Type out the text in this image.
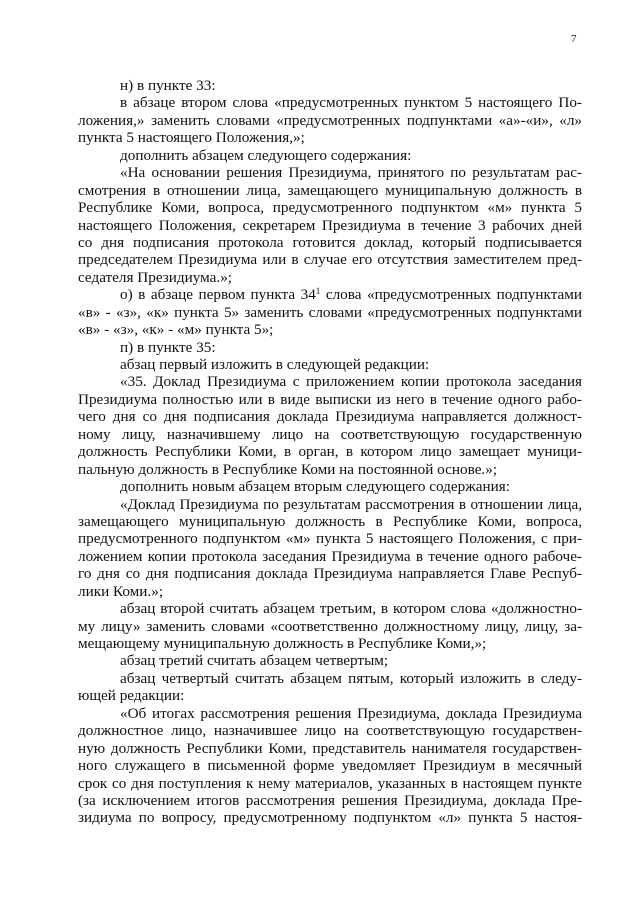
7
н) в пункте 33:
в абзаце втором слова «предусмотренных пунктом 5 настоящего По-
ложения,» заменить словами «предусмотренных подпунктами «а»-«и», «л»
пункта 5 настоящего Положения,»;
дополнить абзацем следующего содержания:
«На основании решения Президиума, принятого по результатам рас-
смотрения в отношении лица, замещающего муниципальную должность в
Республике Коми, вопроса, предусмотренного подпунктом «м» пункта 5
настоящего Положения, секретарем Президиума в течение 3 рабочих дней
со дня подписания протокола готовится доклад, который подписывается
председателем Президиума или в случае его отсутствия заместителем пред-
седателя Президиума.»;
о) в абзаце первом пункта $34^1$ слова «предусмотренных подпунктами
«в» - «з», «к» пункта 5» заменить словами «предусмотренных подпунктами
«в» - «з», «к» - «м» пункта 5»;
п) в пункте 35:
абзац первый изложить в следующей редакции:
«35. Доклад Президиума с приложением копии протокола заседания
Президиума полностью или в виде выписки из него в течение одного рабо-
чего дня со дня подписания доклада Президиума направляется должност-
ному лицу, назначившему лицо на соответствующую государственную
должность Республики Коми, в орган, в котором лицо замещает муници-
пальную должность в Республике Коми на постоянной основе.»;
дополнить новым абзацем вторым следующего содержания:
«Доклад Президиума по результатам рассмотрения в отношении лица,
замещающего муниципальную должность в Республике Коми, вопроса,
предусмотренного подпунктом «м» пункта 5 настоящего Положения, с при-
ложением копии протокола заседания Президиума в течение одного рабоче-
го дня со дня подписания доклада Президиума направляется Главе Респуб-
лики Коми.»;
абзац второй считать абзацем третьим, в котором слова «должностно-
му лицу» заменить словами «соответственно должностному лицу, лицу, за-
мещающему муниципальную должность в Республике Коми,»;
абзац третий считать абзацем четвертым;
абзац четвертый считать абзацем пятым, который изложить в следу-
ющей редакции:
«Об итогах рассмотрения решения Президиума, доклада Президиума
должностное лицо, назначившее лицо на соответствующую государствен-
ную должность Республики Коми, представитель нанимателя государствен-
ного служащего в письменной форме уведомляет Президиум в месячный
срок со дня поступления к нему материалов, указанных в настоящем пункте
(за исключением итогов рассмотрения решения Президиума, доклада Пре-
зидиума по вопросу, предусмотренному подпунктом «л» пункта 5 настоя-
